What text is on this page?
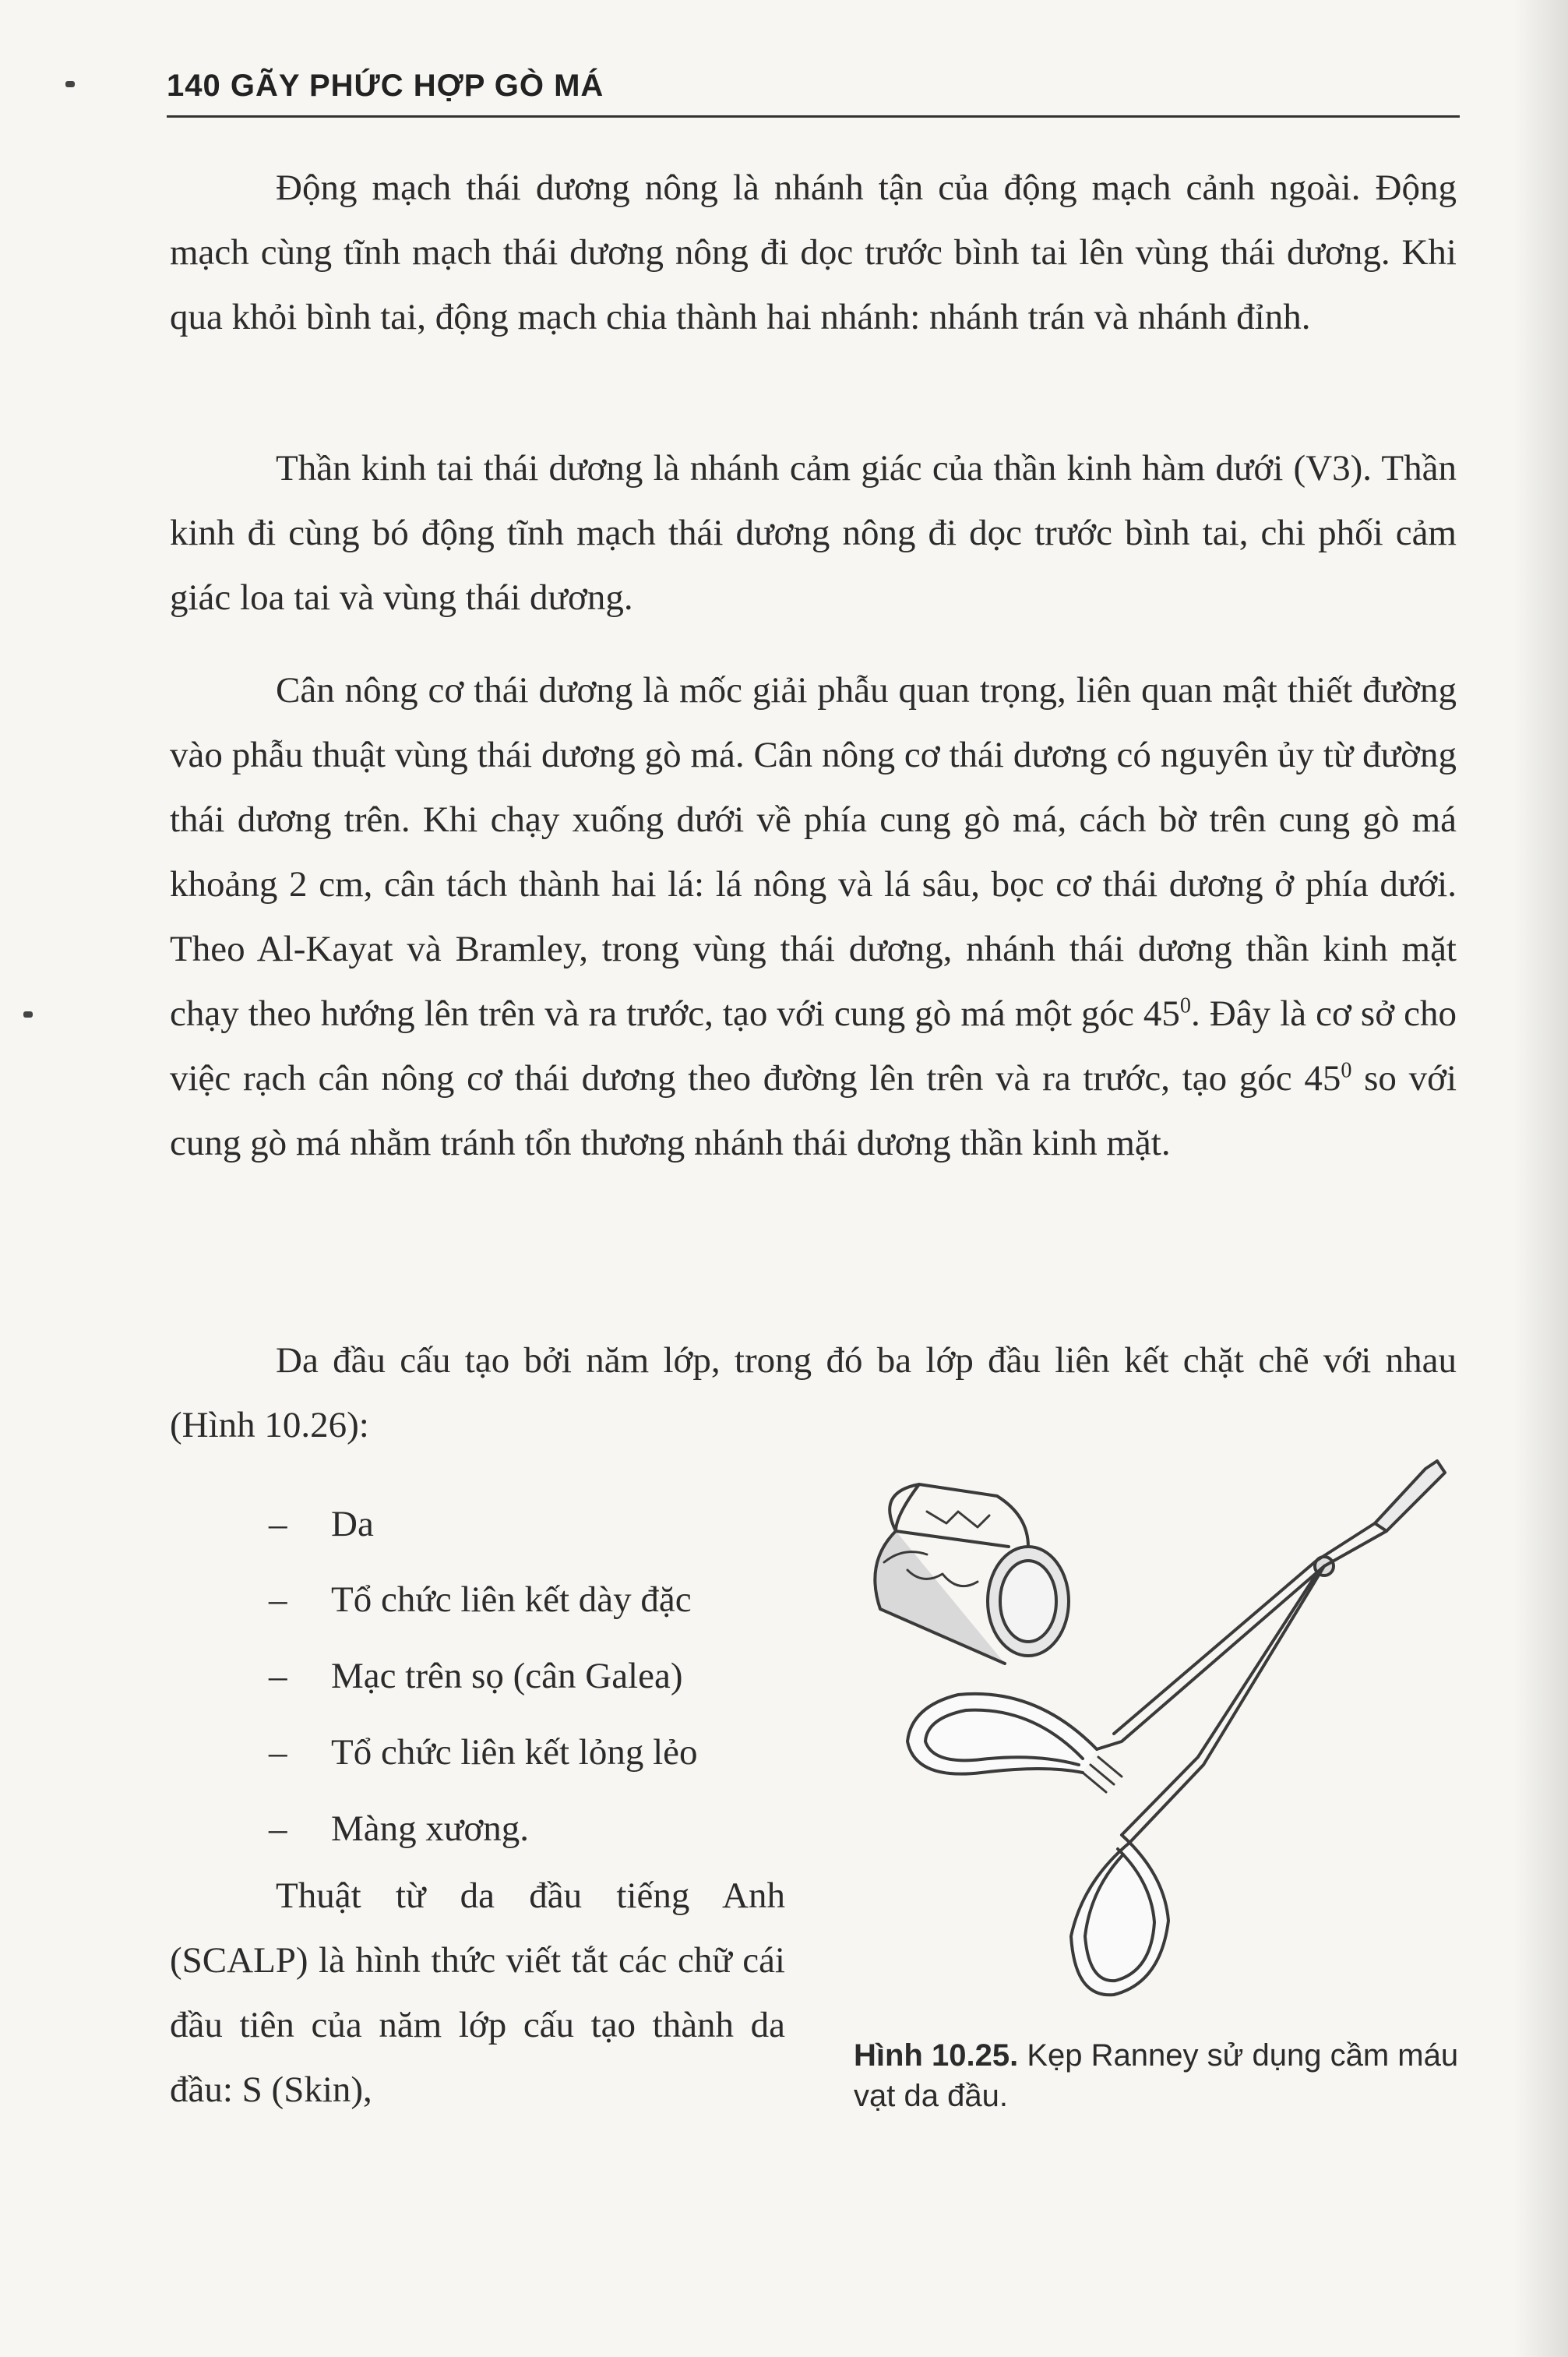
140 GÃY PHỨC HỢP GÒ MÁ

Động mạch thái dương nông là nhánh tận của động mạch cảnh ngoài. Động mạch cùng tĩnh mạch thái dương nông đi dọc trước bình tai lên vùng thái dương. Khi qua khỏi bình tai, động mạch chia thành hai nhánh: nhánh trán và nhánh đỉnh.

Thần kinh tai thái dương là nhánh cảm giác của thần kinh hàm dưới (V3). Thần kinh đi cùng bó động tĩnh mạch thái dương nông đi dọc trước bình tai, chi phối cảm giác loa tai và vùng thái dương.

Cân nông cơ thái dương là mốc giải phẫu quan trọng, liên quan mật thiết đường vào phẫu thuật vùng thái dương gò má. Cân nông cơ thái dương có nguyên ủy từ đường thái dương trên. Khi chạy xuống dưới về phía cung gò má, cách bờ trên cung gò má khoảng 2 cm, cân tách thành hai lá: lá nông và lá sâu, bọc cơ thái dương ở phía dưới. Theo Al-Kayat và Bramley, trong vùng thái dương, nhánh thái dương thần kinh mặt chạy theo hướng lên trên và ra trước, tạo với cung gò má một góc $45^0$. Đây là cơ sở cho việc rạch cân nông cơ thái dương theo đường lên trên và ra trước, tạo góc $45^0$ so với cung gò má nhằm tránh tổn thương nhánh thái dương thần kinh mặt.

Da đầu cấu tạo bởi năm lớp, trong đó ba lớp đầu liên kết chặt chẽ với nhau (Hình 10.26):

– Da
– Tổ chức liên kết dày đặc
– Mạc trên sọ (cân Galea)
– Tổ chức liên kết lỏng lẻo
– Màng xương.

Thuật từ da đầu tiếng Anh (SCALP) là hình thức viết tắt các chữ cái đầu tiên của năm lớp cấu tạo thành da đầu: S (Skin),

Hình 10.25. Kẹp Ranney sử dụng cầm máu vạt da đầu.
